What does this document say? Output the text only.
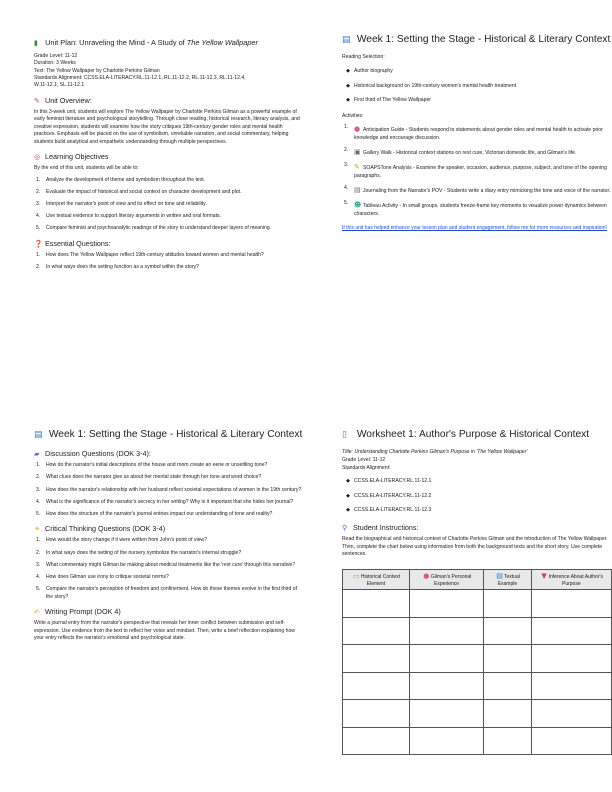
▮ Unit Plan: Unraveling the Mind - A Study of The Yellow Wallpaper
Grade Level: 11-12
Duration: 3 Weeks
Text: The Yellow Wallpaper by Charlotte Perkins Gilman
Standards Alignment: CCSS.ELA-LITERACY.RL.11-12.1, RL.11-12.2, RL.11-12.3, RL.11-12.4,
W.11-12.1, SL.11-12.1
✎ Unit Overview:

In this 3-week unit, students will explore The Yellow Wallpaper by Charlotte Perkins Gilman as a powerful example of early feminist literature and psychological storytelling. Through close reading, historical research, literary analysis, and creative expression, students will examine how the story critiques 19th-century gender roles and mental health practices. Emphasis will be placed on the use of symbolism, unreliable narration, and social commentary, helping students build analytical and empathetic understanding through multiple perspectives.

◎ Learning Objectives
By the end of this unit, students will be able to:
1.	Analyze the development of theme and symbolism throughout the text.
2.	Evaluate the impact of historical and social context on character development and plot.
3.	Interpret the narrator's point of view and its effect on tone and reliability.
4.	Use textual evidence to support literary arguments in written and oral formats.
5.	Compare feminist and psychoanalytic readings of the story to understand deeper layers of meaning.
❓ Essential Questions:
1.	How does The Yellow Wallpaper reflect 19th-century attitudes toward women and mental health?
2.	In what ways does the setting function as a symbol within the story?
▤ Week 1: Setting the Stage - Historical & Literary Context
Reading Selection:
◆ Author biography
◆ Historical background on 19th-century women's mental health treatment
◆ First third of The Yellow Wallpaper
Activities:
1. ● Anticipation Guide - Students respond to statements about gender roles and mental health to activate prior knowledge and encourage discussion.
2. ▣ Gallery Walk - Historical context stations on rest cure, Victorian domestic life, and Gilman's life.
3. ✎ SOAPSTone Analysis - Examine the speaker, occasion, audience, purpose, subject, and tone of the opening paragraphs.
4. ▤ Journaling from the Narrator's POV - Students write a diary entry mimicking the tone and voice of the narrator.
5. ☻ Tableau Activity - In small groups, students freeze-frame key moments to visualize power dynamics between characters.
If this unit has helped enhance your lesson plan and student engagement, follow me for more resources and inspiration!
▤ Week 1: Setting the Stage - Historical & Literary Context
▰ Discussion Questions (DOK 3-4):
1.	How do the narrator's initial descriptions of the house and room create an eerie or unsettling tone?
2.	What clues does the narrator give us about her mental state through her tone and word choice?
3.	How does the narrator's relationship with her husband reflect societal expectations of women in the 19th century?
4.	What is the significance of the narrator's secrecy in her writing? Why is it important that she hides her journal?
5.	How does the structure of the narrator's journal entries impact our understanding of tone and reality?
☀ Critical Thinking Questions (DOK 3-4)
1.	How would the story change if it were written from John's point of view?
2.	In what ways does the setting of the nursery symbolize the narrator's internal struggle?
3.	What commentary might Gilman be making about medical treatments like the 'rest cure' through this narrative?
4.	How does Gilman use irony to critique societal norms?
5.	Compare the narrator's perception of freedom and confinement. How do these themes evolve in the first third of the story?
✍ Writing Prompt (DOK 4)

Write a journal entry from the narrator's perspective that reveals her inner conflict between submission and self-expression. Use evidence from the text to reflect her voice and mindset. Then, write a brief reflection explaining how your entry reflects the narrator's emotional and psychological state.

▯ Worksheet 1: Author's Purpose & Historical Context
Title: Understanding Charlotte Perkins Gilman's Purpose in 'The Yellow Wallpaper'
Grade Level: 11-12
Standards Alignment:
◆ CCSS.ELA-LITERACY.RL.11-12.1
◆ CCSS.ELA-LITERACY.RL.11-12.2
◆ CCSS.ELA-LITERACY.RL.11-12.3
⚲ Student Instructions:

Read the biographical and historical context of Charlotte Perkins Gilman and the introduction of The Yellow Wallpaper. Then, complete the chart below using information from both the background texts and the short story. Use complete sentences.

▭Historical Context Element	●Gilman's Personal Experience	▤Textual Example	▼ Inference About Author's Purpose
